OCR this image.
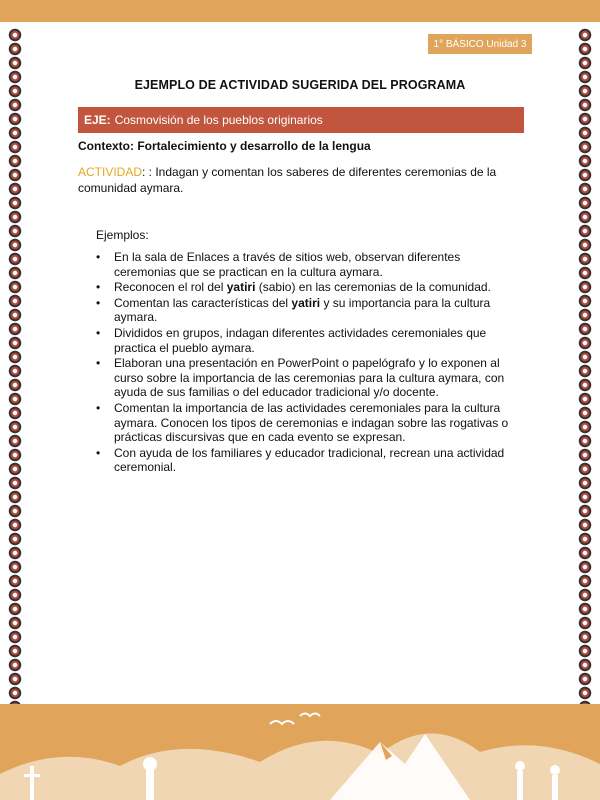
1° BÁSICO Unidad 3
EJEMPLO DE ACTIVIDAD SUGERIDA DEL PROGRAMA
EJE: Cosmovisión de los pueblos originarios
Contexto: Fortalecimiento y desarrollo de la lengua
ACTIVIDAD: : Indagan y comentan los saberes de diferentes ceremonias de la comunidad aymara.
Ejemplos:
• En la sala de Enlaces a través de sitios web, observan diferentes ceremonias que se practican en la cultura aymara.
• Reconocen el rol del yatiri (sabio) en las ceremonias de la comunidad.
• Comentan las características del yatiri y su importancia para la cultura aymara.
• Divididos en grupos, indagan diferentes actividades ceremoniales que practica el pueblo aymara.
• Elaboran una presentación en PowerPoint o papelógrafo y lo exponen al curso sobre la importancia de las ceremonias para la cultura aymara, con ayuda de sus familias o del educador tradicional y/o docente.
• Comentan la importancia de las actividades ceremoniales para la cultura aymara. Conocen los tipos de ceremonias e indagan sobre las rogativas o prácticas discursivas que en cada evento se expresan.
• Con ayuda de los familiares y educador tradicional, recrean una actividad ceremonial.
